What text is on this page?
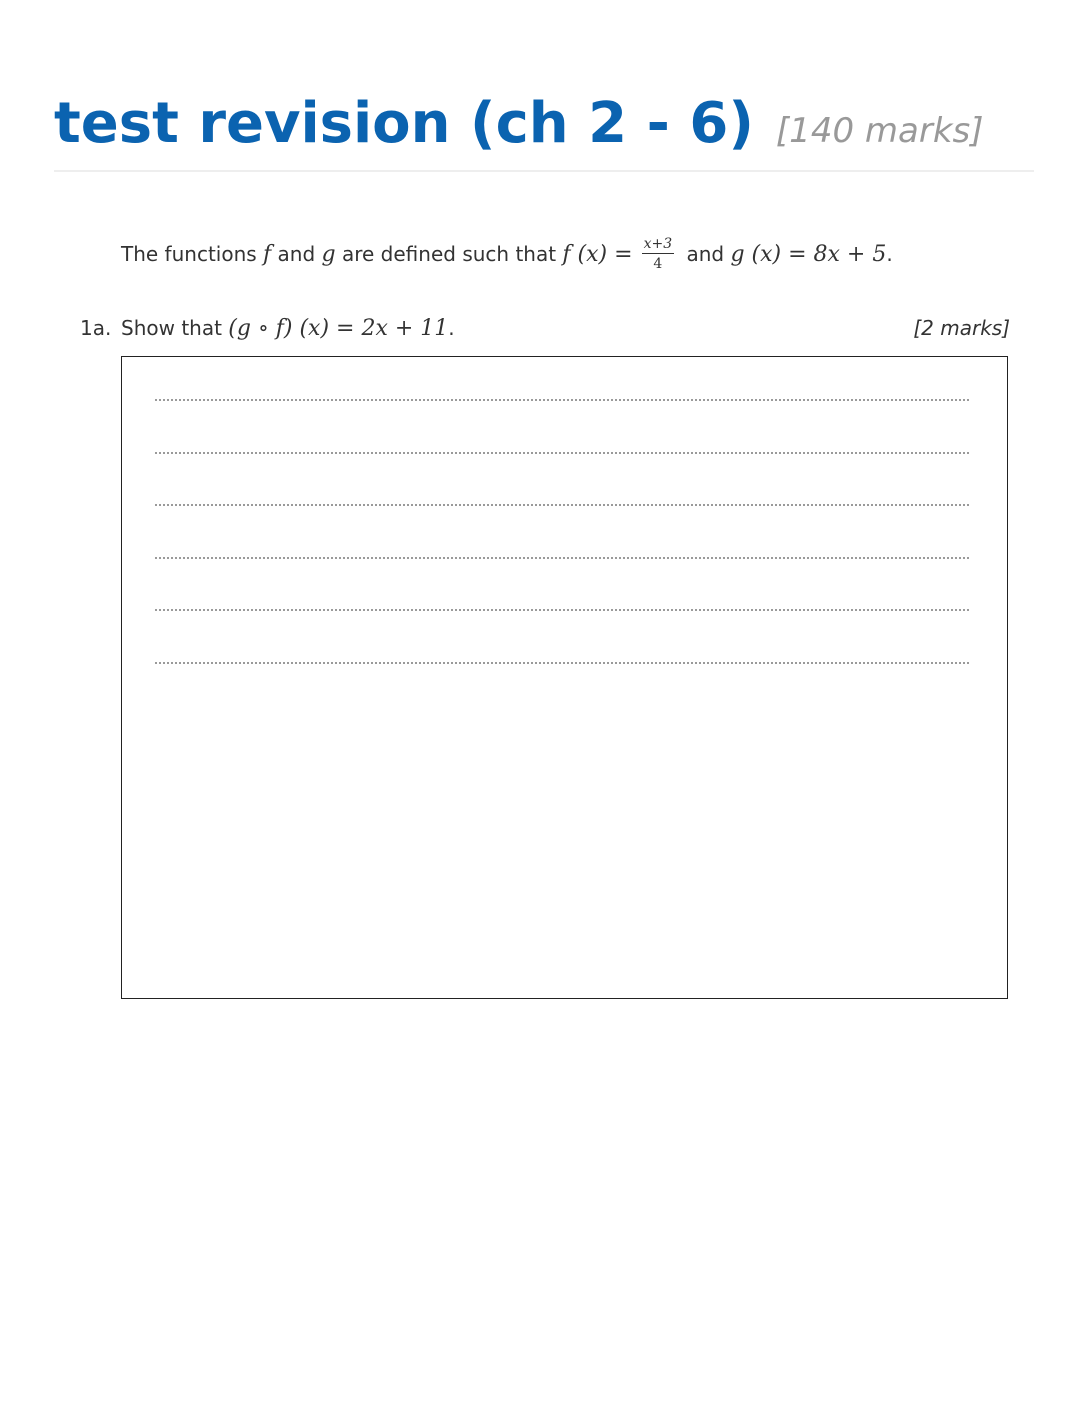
test revision (ch 2 - 6) [140 marks]
The functions f and g are defined such that f $(x) = \frac{x+3}{4}$ and g (x) = 8x + 5.
1a. Show that (g ∘ f) (x) = 2x + 11.	[2 marks]
